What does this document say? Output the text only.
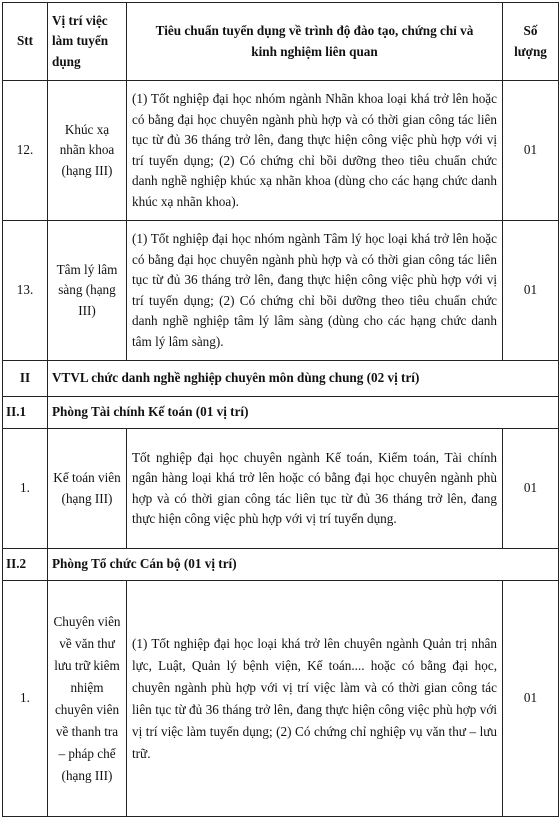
Stt	Vị trí việc làm tuyển dụng	Tiêu chuẩn tuyển dụng về trình độ đào tạo, chứng chỉ và kinh nghiệm liên quan	Số lượng
12.	Khúc xạ nhãn khoa (hạng III)	(1) Tốt nghiệp đại học nhóm ngành Nhãn khoa loại khá trở lên hoặc có bằng đại học chuyên ngành phù hợp và có thời gian công tác liên tục từ đủ 36 tháng trở lên, đang thực hiện công việc phù hợp với vị trí tuyển dụng; (2) Có chứng chỉ bồi dưỡng theo tiêu chuẩn chức danh nghề nghiệp khúc xạ nhãn khoa (dùng cho các hạng chức danh khúc xạ nhãn khoa).	01
13.	Tâm lý lâm sàng (hạng III)	(1) Tốt nghiệp đại học nhóm ngành Tâm lý học loại khá trở lên hoặc có bằng đại học chuyên ngành phù hợp và có thời gian công tác liên tục từ đủ 36 tháng trở lên, đang thực hiện công việc phù hợp với vị trí tuyển dụng; (2) Có chứng chỉ bồi dưỡng theo tiêu chuẩn chức danh nghề nghiệp tâm lý lâm sàng (dùng cho các hạng chức danh tâm lý lâm sàng).	01
II	VTVL chức danh nghề nghiệp chuyên môn dùng chung (02 vị trí)		
II.1	Phòng Tài chính Kế toán (01 vị trí)		
1.	Kế toán viên (hạng III)	Tốt nghiệp đại học chuyên ngành Kế toán, Kiểm toán, Tài chính ngân hàng loại khá trở lên hoặc có bằng đại học chuyên ngành phù hợp và có thời gian công tác liên tục từ đủ 36 tháng trở lên, đang thực hiện công việc phù hợp với vị trí tuyển dụng.	01
II.2	Phòng Tổ chức Cán bộ (01 vị trí)		
1.	Chuyên viên về văn thư lưu trữ kiêm nhiệm chuyên viên về thanh tra – pháp chế (hạng III)	(1) Tốt nghiệp đại học loại khá trở lên chuyên ngành Quản trị nhân lực, Luật, Quản lý bệnh viện, Kế toán.... hoặc có bằng đại học, chuyên ngành phù hợp với vị trí việc làm và có thời gian công tác liên tục từ đủ 36 tháng trở lên, đang thực hiện công việc phù hợp với vị trí việc làm tuyển dụng; (2) Có chứng chỉ nghiệp vụ văn thư – lưu trữ.	01
